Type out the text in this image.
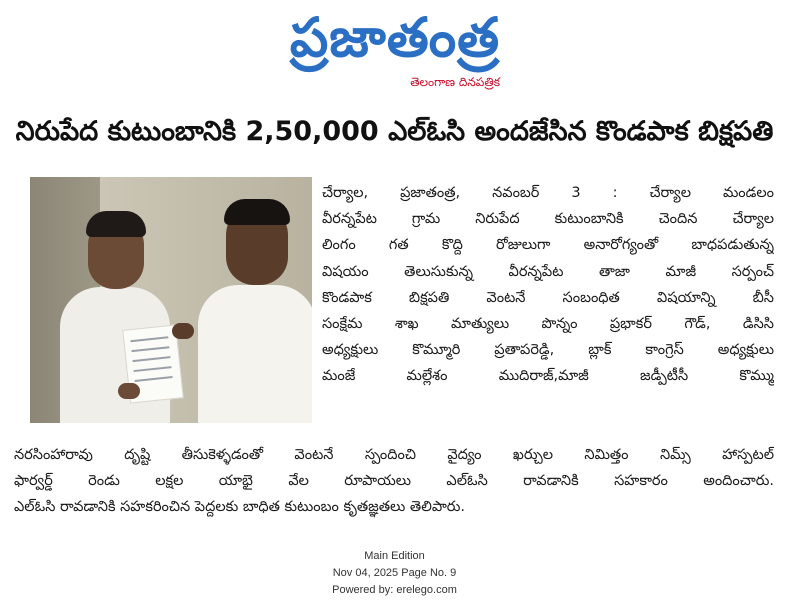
ప్రజాతంత్ర
తెలంగాణ దినపత్రిక
నిరుపేద కుటుంబానికి 2,50,000 ఎల్ఓసి అందజేసిన కొండపాక బిక్షపతి
చేర్యాల, ప్రజాతంత్ర, నవంబర్ 3 : చేర్యాల మండలం
వీరన్నపేట గ్రామ నిరుపేద కుటుంబానికి చెందిన చేర్యాల
లింగం గత కొద్ది రోజులుగా అనారోగ్యంతో బాధపడుతున్న
విషయం తెలుసుకున్న వీరన్నపేట తాజా మాజీ సర్పంచ్
కొండపాక బిక్షపతి వెంటనే సంబంధిత విషయాన్ని బీసీ
సంక్షేమ శాఖ మాత్యులు పొన్నం ప్రభాకర్ గౌడ్, డిసిసి
అధ్యక్షులు కొమ్మూరి ప్రతాపరెడ్డి, బ్లాక్ కాంగ్రెస్ అధ్యక్షులు
మంజే మల్లేశం ముదిరాజ్,మాజీ జడ్పీటీసీ కొమ్ము
నరసింహారావు దృష్టి తీసుకెళ్ళడంతో వెంటనే స్పందించి వైద్యం ఖర్చుల నిమిత్తం నిమ్స్ హాస్పటల్
ఫార్వర్డ్ రెండు లక్షల యాభై వేల రూపాయలు ఎల్ఓసి రావడానికి సహకారం అందించారు.
ఎల్ఓసి రావడానికి సహకరించిన పెద్దలకు బాధిత కుటుంబం కృతజ్ఞతలు తెలిపారు.
Main Edition
Nov 04, 2025 Page No. 9
Powered by: erelego.com
